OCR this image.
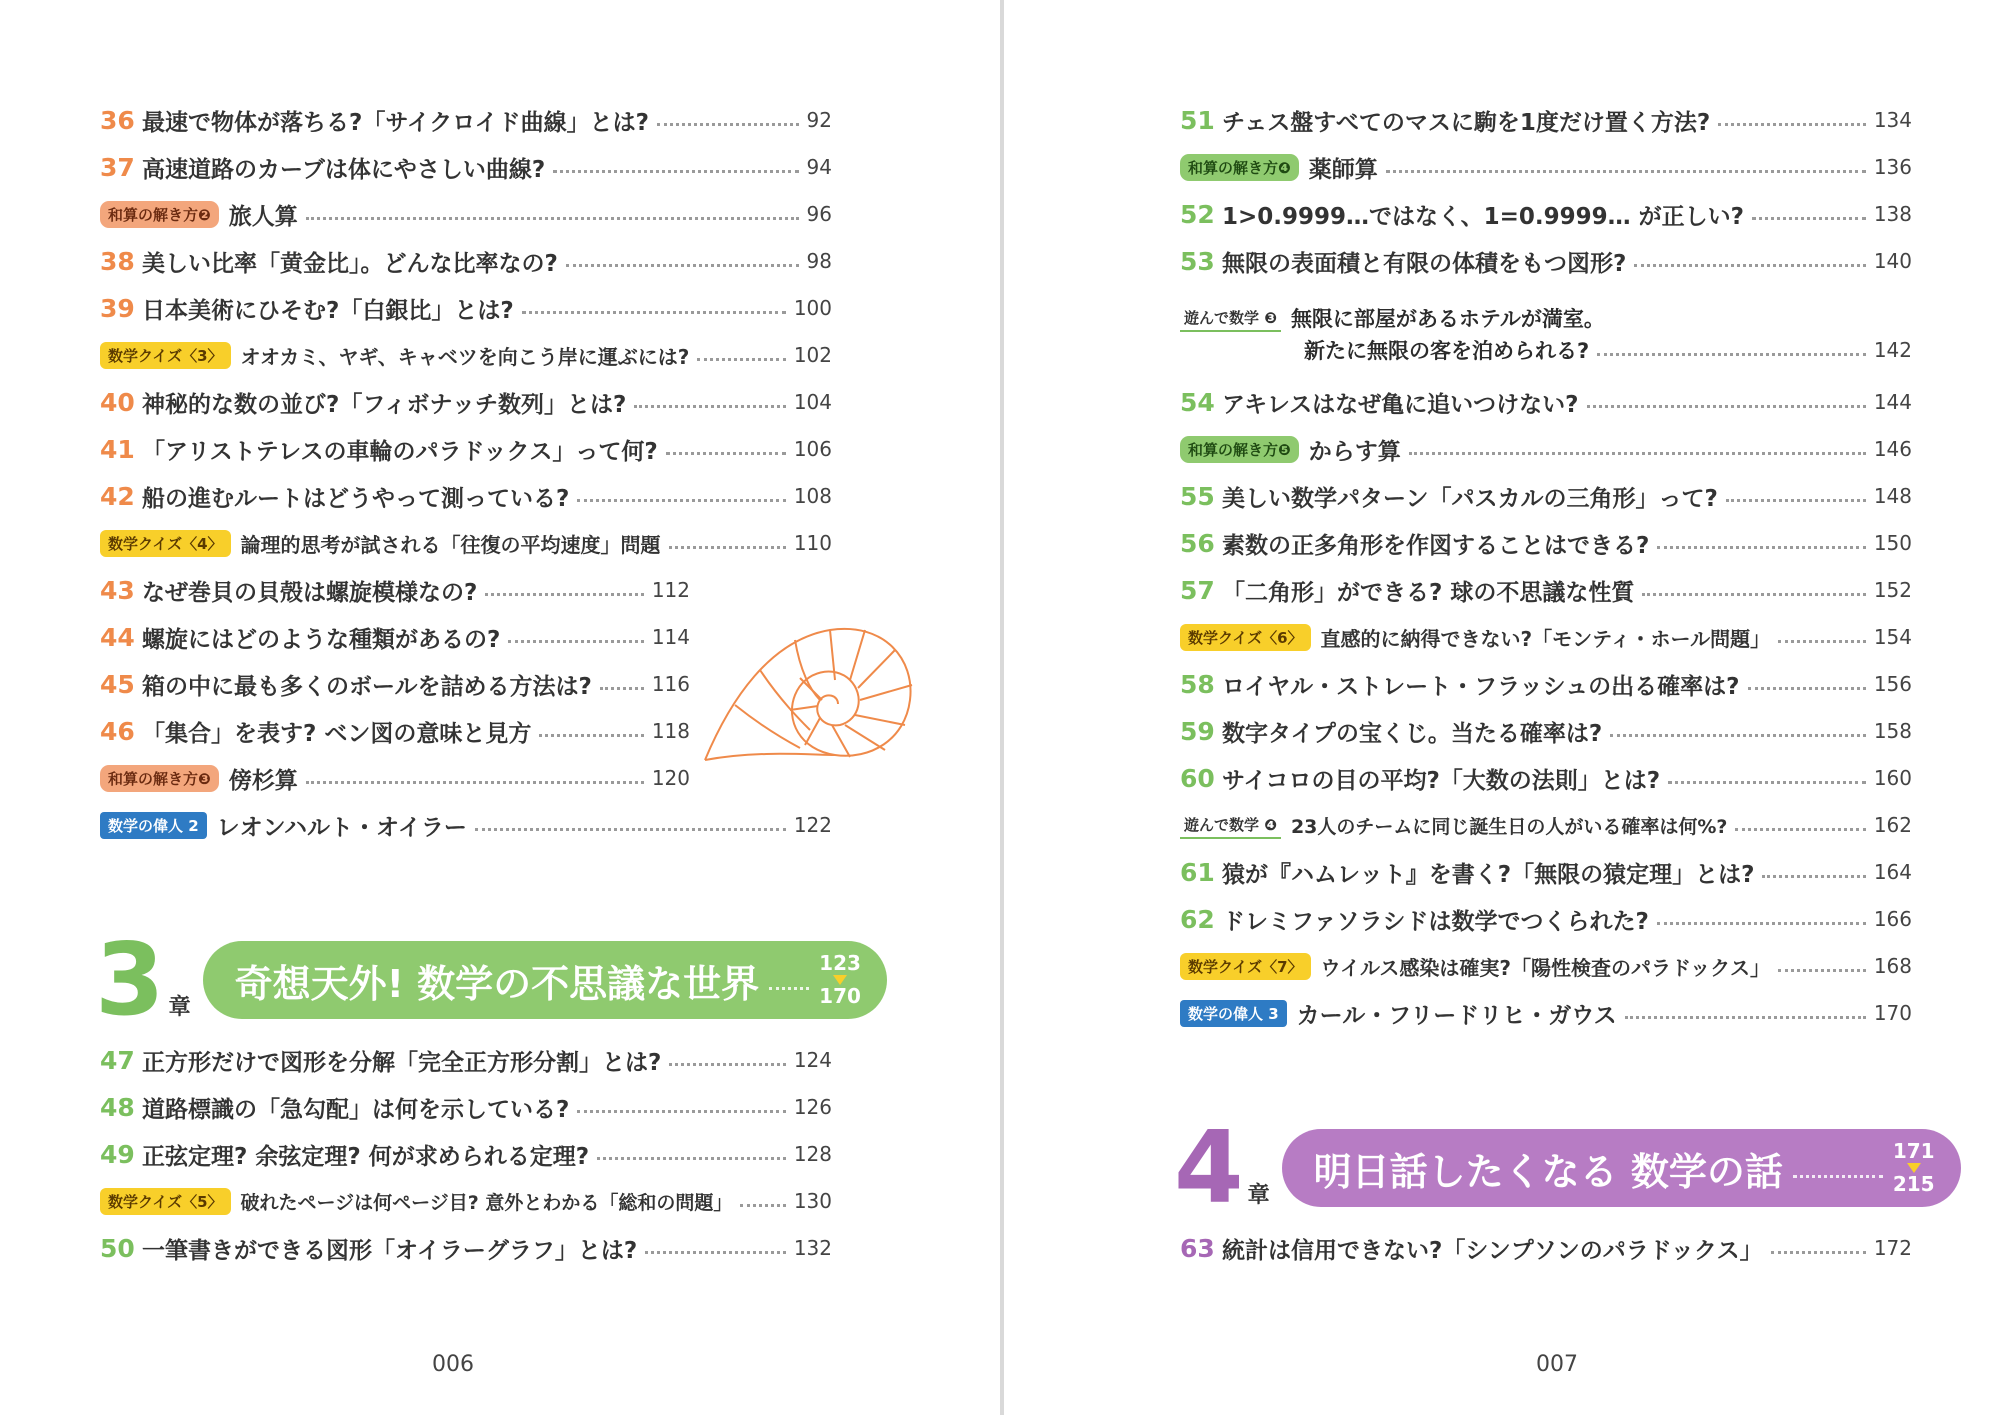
36 最速で物体が落ちる?「サイクロイド曲線」とは?	92
37 高速道路のカーブは体にやさしい曲線?	94
和算の解き方❷ 旅人算	96
38 美しい比率「黄金比」。どんな比率なの?	98
39 日本美術にひそむ?「白銀比」とは?	100
数学クイズ〈3〉 オオカミ、ヤギ、キャベツを向こう岸に運ぶには?	102
40 神秘的な数の並び?「フィボナッチ数列」とは?	104
41 「アリストテレスの車輪のパラドックス」って何?	106
42 船の進むルートはどうやって測っている?	108
数学クイズ〈4〉 論理的思考が試される「往復の平均速度」問題	110
43 なぜ巻貝の貝殻は螺旋模様なの?	112
44 螺旋にはどのような種類があるの?	114
45 箱の中に最も多くのボールを詰める方法は?	116
46 「集合」を表す? ベン図の意味と見方	118
和算の解き方❸ 傍杉算	120
数学の偉人 2 レオンハルト・オイラー	122
3 章
奇想天外! 数学の不思議な世界	123
170
47 正方形だけで図形を分解「完全正方形分割」とは?	124
48 道路標識の「急勾配」は何を示している?	126
49 正弦定理? 余弦定理? 何が求められる定理?	128
数学クイズ〈5〉 破れたページは何ページ目? 意外とわかる「総和の問題」	130
50 一筆書きができる図形「オイラーグラフ」とは?	132
006
51 チェス盤すべてのマスに駒を1度だけ置く方法?	134
和算の解き方❹ 薬師算	136
52 1>0.9999…ではなく、1=0.9999… が正しい?	138
53 無限の表面積と有限の体積をもつ図形?	140
遊んで数学 ❸ 無限に部屋があるホテルが満室。
新たに無限の客を泊められる?	142
54 アキレスはなぜ亀に追いつけない?	144
和算の解き方❺ からす算	146
55 美しい数学パターン「パスカルの三角形」って?	148
56 素数の正多角形を作図することはできる?	150
57 「二角形」ができる? 球の不思議な性質	152
数学クイズ〈6〉 直感的に納得できない?「モンティ・ホール問題」	154
58 ロイヤル・ストレート・フラッシュの出る確率は?	156
59 数字タイプの宝くじ。当たる確率は?	158
60 サイコロの目の平均?「大数の法則」とは?	160
遊んで数学 ❹ 23人のチームに同じ誕生日の人がいる確率は何%?	162
61 猿が『ハムレット』を書く?「無限の猿定理」とは?	164
62 ドレミファソラシドは数学でつくられた?	166
数学クイズ〈7〉 ウイルス感染は確実?「陽性検査のパラドックス」	168
数学の偉人 3 カール・フリードリヒ・ガウス	170
4 章
明日話したくなる 数学の話	171
215
63 統計は信用できない?「シンプソンのパラドックス」	172
007
